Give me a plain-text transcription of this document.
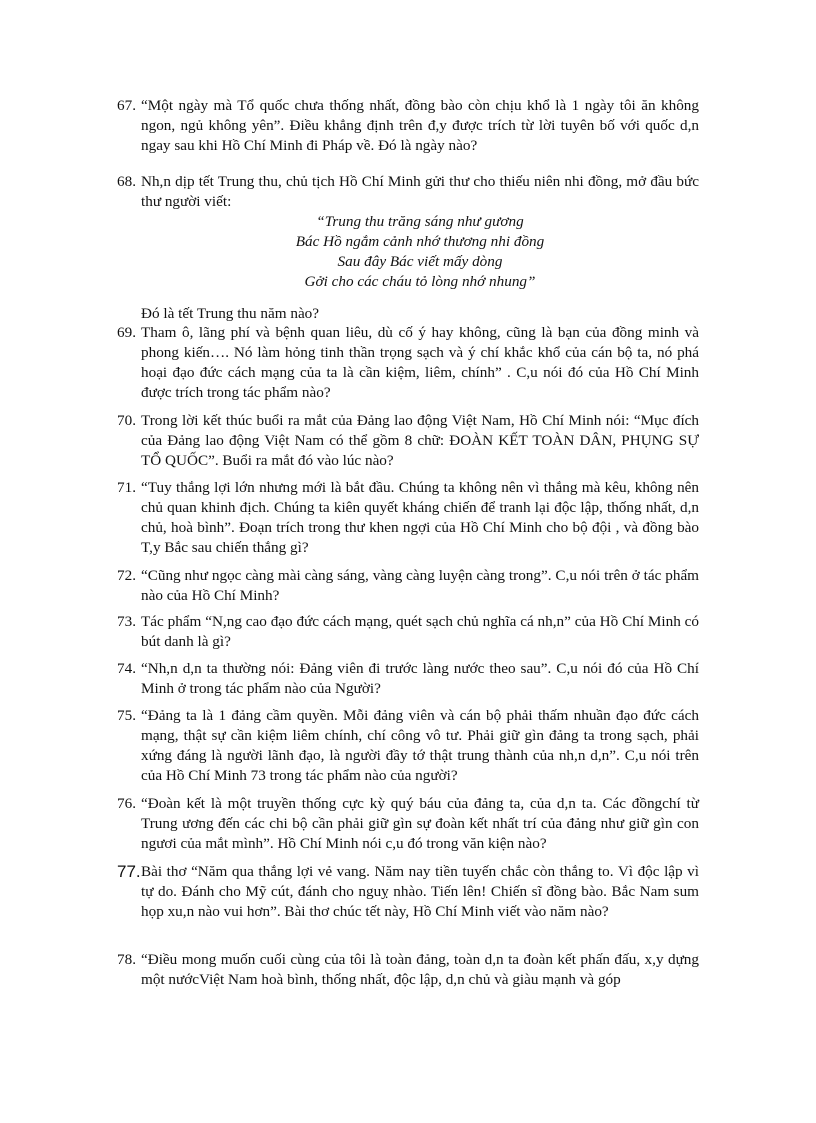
67. “Một ngày mà Tổ quốc chưa thống nhất, đồng bào còn chịu khổ là 1 ngày tôi ăn không ngon, ngủ không yên”. Điều khẳng định trên đ,y được trích từ lời tuyên bố với quốc d,n ngay sau khi Hồ Chí Minh đi Pháp về. Đó là ngày nào?
68. Nh,n dịp tết Trung thu, chủ tịch Hồ Chí Minh gửi thư cho thiếu niên nhi đồng, mở đầu bức thư người viết:
“Trung thu trăng sáng như gương
Bác Hồ ngắm cảnh nhớ thương nhi đồng
Sau đây Bác viết mấy dòng
Gởi cho các cháu tỏ lòng nhớ nhung”
Đó là tết Trung thu năm nào?
69. Tham ô, lãng phí và bệnh quan liêu, dù cố ý hay không, cũng là bạn của đồng minh và phong kiến…. Nó làm hỏng tinh thần trọng sạch và ý chí khắc khổ của cán bộ ta, nó phá hoại đạo đức cách mạng của ta là cần kiệm, liêm, chính” . C,u nói đó của Hồ Chí Minh được trích trong tác phẩm nào?
70. Trong lời kết thúc buổi ra mắt của Đảng lao động Việt Nam, Hồ Chí Minh nói: “Mục đích của Đảng lao động Việt Nam có thể gồm 8 chữ: ĐOÀN KẾT TOÀN DÂN, PHỤNG SỰ TỔ QUỐC”. Buổi ra mắt đó vào lúc nào?
71. “Tuy thắng lợi lớn nhưng mới là bắt đầu. Chúng ta không nên vì thắng mà kêu, không nên chủ quan khinh địch. Chúng ta kiên quyết kháng chiến để tranh lại độc lập, thống nhất, d,n chủ, hoà bình”. Đoạn trích trong thư khen ngợi của Hồ Chí Minh cho bộ đội , và đồng bào T,y Bắc sau chiến thắng gì?
72. “Cũng như ngọc càng mài càng sáng, vàng càng luyện càng trong”. C,u nói trên ở tác phẩm nào của Hồ Chí Minh?
73. Tác phẩm “N,ng cao đạo đức cách mạng, quét sạch chủ nghĩa cá nh,n” của Hồ Chí Minh có bút danh là gì?
74. “Nh,n d,n ta thường nói: Đảng viên đi trước làng nước theo sau”. C,u nói đó của Hồ Chí Minh ở trong tác phẩm nào của Người?
75. “Đảng ta là 1 đảng cầm quyền. Mỗi đảng viên và cán bộ phải thấm nhuần đạo đức cách mạng, thật sự cần kiệm liêm chính, chí công vô tư. Phải giữ gìn đảng ta trong sạch, phải xứng đáng là người lãnh đạo, là người đầy tớ thật trung thành của nh,n d,n”. C,u nói trên của Hồ Chí Minh 73 trong tác phẩm nào của người?
76. “Đoàn kết là một truyền thống cực kỳ quý báu của đảng ta, của d,n ta. Các đồngchí từ Trung ương đến các chi bộ cần phải giữ gìn sự đoàn kết nhất trí của đảng như giữ gìn con ngươi của mắt mình”. Hồ Chí Minh nói c,u đó trong văn kiện nào?
77. Bài thơ “Năm qua thắng lợi vẻ vang. Năm nay tiền tuyến chắc còn thắng to. Vì độc lập vì tự do. Đánh cho Mỹ cút, đánh cho nguỵ nhào. Tiến lên! Chiến sĩ đồng bào. Bắc Nam sum họp xu,n nào vui hơn”. Bài thơ chúc tết này, Hồ Chí Minh viết vào năm nào?
78. “Điều mong muốn cuối cùng của tôi là toàn đảng, toàn d,n ta đoàn kết phấn đấu, x,y dựng một nướcViệt Nam hoà bình, thống nhất, độc lập, d,n chủ và giàu mạnh và góp
